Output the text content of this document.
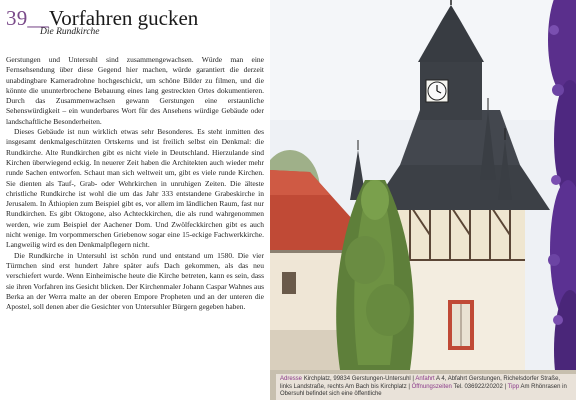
39__Vorfahren gucken
Die Rundkirche

Gerstungen und Untersuhl sind zusammengewachsen. Würde man eine Fernsehsendung über diese Gegend hier machen, würde garantiert die derzeit unabdingbare Kameradrohne hochgeschickt, um schöne Bilder zu filmen, und die könnte die ununterbrochene Bebauung eines lang gestreckten Ortes dokumentieren. Durch das Zusammenwachsen gewann Gerstungen eine erstaunliche Sehenswürdigkeit – ein wunderbares Wort für des Ansehens würdige Gebäude oder landschaftliche Besonderheiten.

Dieses Gebäude ist nun wirklich etwas sehr Besonderes. Es steht inmitten des insgesamt denkmalgeschützten Ortskerns und ist freilich selbst ein Denkmal: die Rundkirche. Alte Rundkirchen gibt es nicht viele in Deutschland. Hierzulande sind Kirchen überwiegend eckig. In neuerer Zeit haben die Architekten auch wieder mehr runde Sachen entworfen. Schaut man sich weltweit um, gibt es viele runde Kirchen. Sie dienten als Tauf-, Grab- oder Wehrkirchen in unruhigen Zeiten. Die älteste christliche Rundkirche ist wohl die um das Jahr 333 entstandene Grabeskirche in Jerusalem. In Äthiopien zum Beispiel gibt es, vor allem im ländlichen Raum, fast nur Rundkirchen. Es gibt Oktogone, also Achteckkirchen, die als rund wahrgenommen werden, wie zum Beispiel der Aachener Dom. Und Zwölfeckkirchen gibt es auch nicht wenige. Im vorpommerschen Griebenow sogar eine 15-eckige Fachwerkkirche. Langweilig wird es den Denkmalpflegern nicht.

Die Rundkirche in Untersuhl ist schön rund und entstand um 1580. Die vier Türmchen sind erst hundert Jahre später aufs Dach gekommen, als das neu verschiefert wurde. Wenn Einheimische heute die Kirche betreten, kann es sein, dass sie ihren Vorfahren ins Gesicht blicken. Der Kirchenmaler Johann Caspar Wahnes aus Berka an der Werra malte an der oberen Empore Propheten und an der unteren die Apostel, soll denen aber die Gesichter von Untersuhler Bürgern gegeben haben.

Adresse Kirchplatz, 99834 Gerstungen-Untersuhl | Anfahrt A 4, Abfahrt Gerstungen, Richelsdorfer Straße, links Landstraße, rechts Am Bach bis Kirchplatz | Öffnungszeiten Tel. 036922/20202 | Tipp Am Rhönrasen in Obersuhl befindet sich eine öffentliche
